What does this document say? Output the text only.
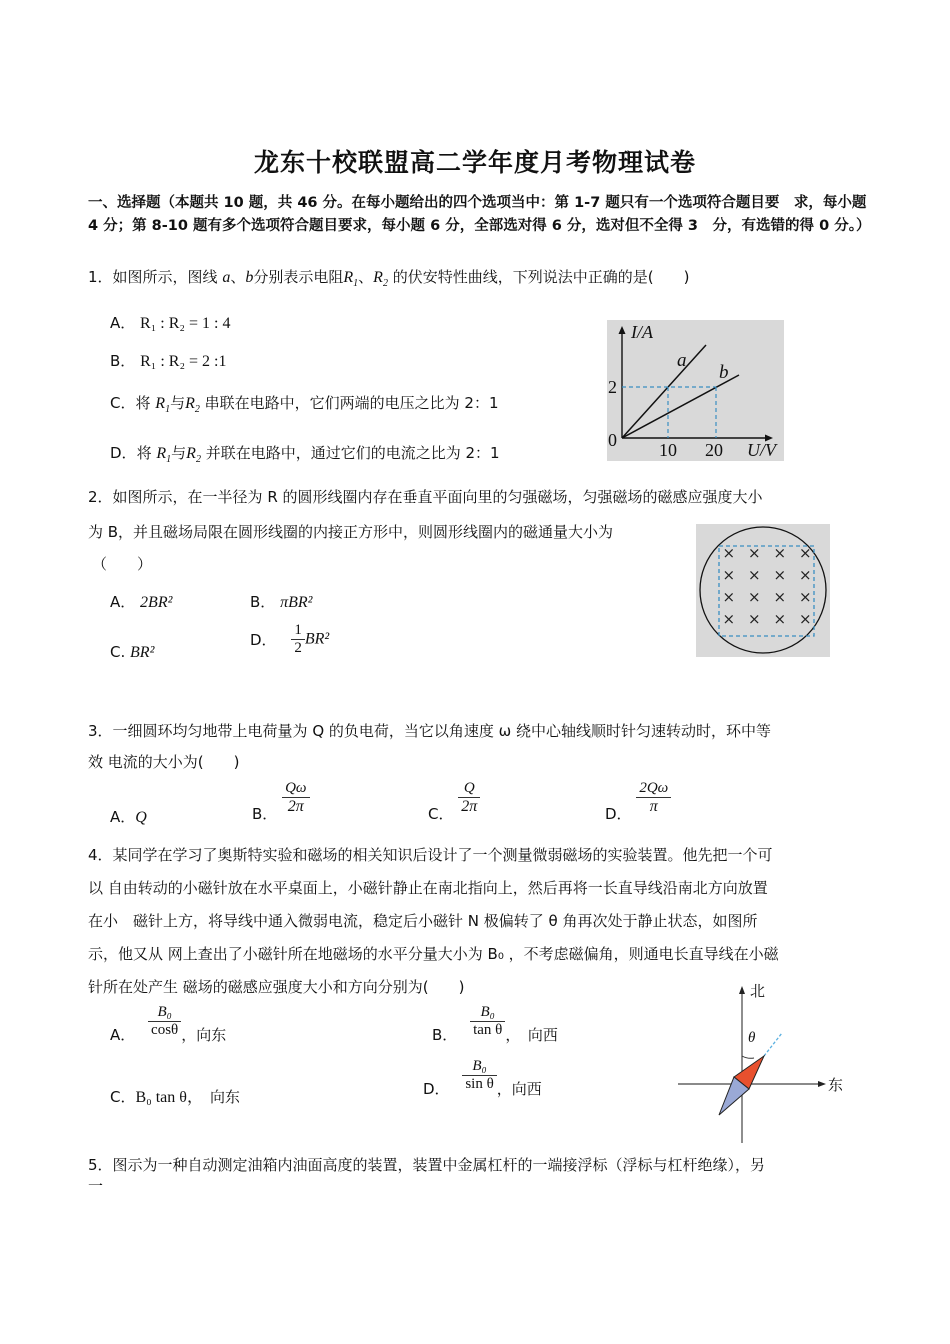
龙东十校联盟高二学年度月考物理试卷
一、选择题（本题共 10 题，共 46 分。在每小题给出的四个选项当中：第 1-7 题只有一个选项符合题目要　求，每小题 4 分；第 8-10 题有多个选项符合题目要求，每小题 6 分，全部选对得 6 分，选对但不全得 3　分，有选错的得 0 分。）
1．如图所示，图线 a、b分别表示电阻$R_1$、$R_2$ 的伏安特性曲线，下列说法中正确的是(　　)
A． R₁ : R₂ = 1 : 4
B． R₁ : R₂ = 2 :1
C．将 $R_1$与$R_2$ 串联在电路中，它们两端的电压之比为 2：1
D．将 $R_1$与$R_2$ 并联在电路中，通过它们的电流之比为 2：1
I/A
U/V
0
2
10 20
a
b
2．如图所示，在一半径为 R 的圆形线圈内存在垂直平面向里的匀强磁场，匀强磁场的磁感应强度大小
为 B，并且磁场局限在圆形线圈的内接正方形中，则圆形线圈内的磁通量大小为
（　　）
A． 2BR²	B． πBR²
C. BR²
D． $\frac{1}{2} BR^2$
× × × ×
× × × ×
× × × ×
× × × ×
3．一细圆环均匀地带上电荷量为 Q 的负电荷，当它以角速度 ω 绕中心轴线顺时针匀速转动时，环中等
效 电流的大小为(　　)
A．Q	B． $\frac{Q\omega}{2\pi}$	C． $\frac{Q}{2\pi}$	D． $\frac{2Q\omega}{\pi}$
4．某同学在学习了奥斯特实验和磁场的相关知识后设计了一个测量微弱磁场的实验装置。他先把一个可
以 自由转动的小磁针放在水平桌面上，小磁针静止在南北指向上，然后再将一长直导线沿南北方向放置
在小　磁针上方，将导线中通入微弱电流，稳定后小磁针 N 极偏转了 θ 角再次处于静止状态，如图所
示，他又从 网上查出了小磁针所在地磁场的水平分量大小为 B₀ ，不考虑磁偏角，则通电长直导线在小磁
针所在处产生 磁场的磁感应强度大小和方向分别为(　　)
A． $\frac{\text{B₀}}{\cos\theta}$ ，向东	B． $\frac{\text{B₀}}{\text{tan θ}}$ ，　向西
C．B₀ tan θ，　向东	D． $\frac{\text{B₀}}{\text{sin θ}}$ ，向西
北
东
θ
5．图示为一种自动测定油箱内油面高度的装置，装置中金属杠杆的一端接浮标（浮标与杠杆绝缘），另
一
